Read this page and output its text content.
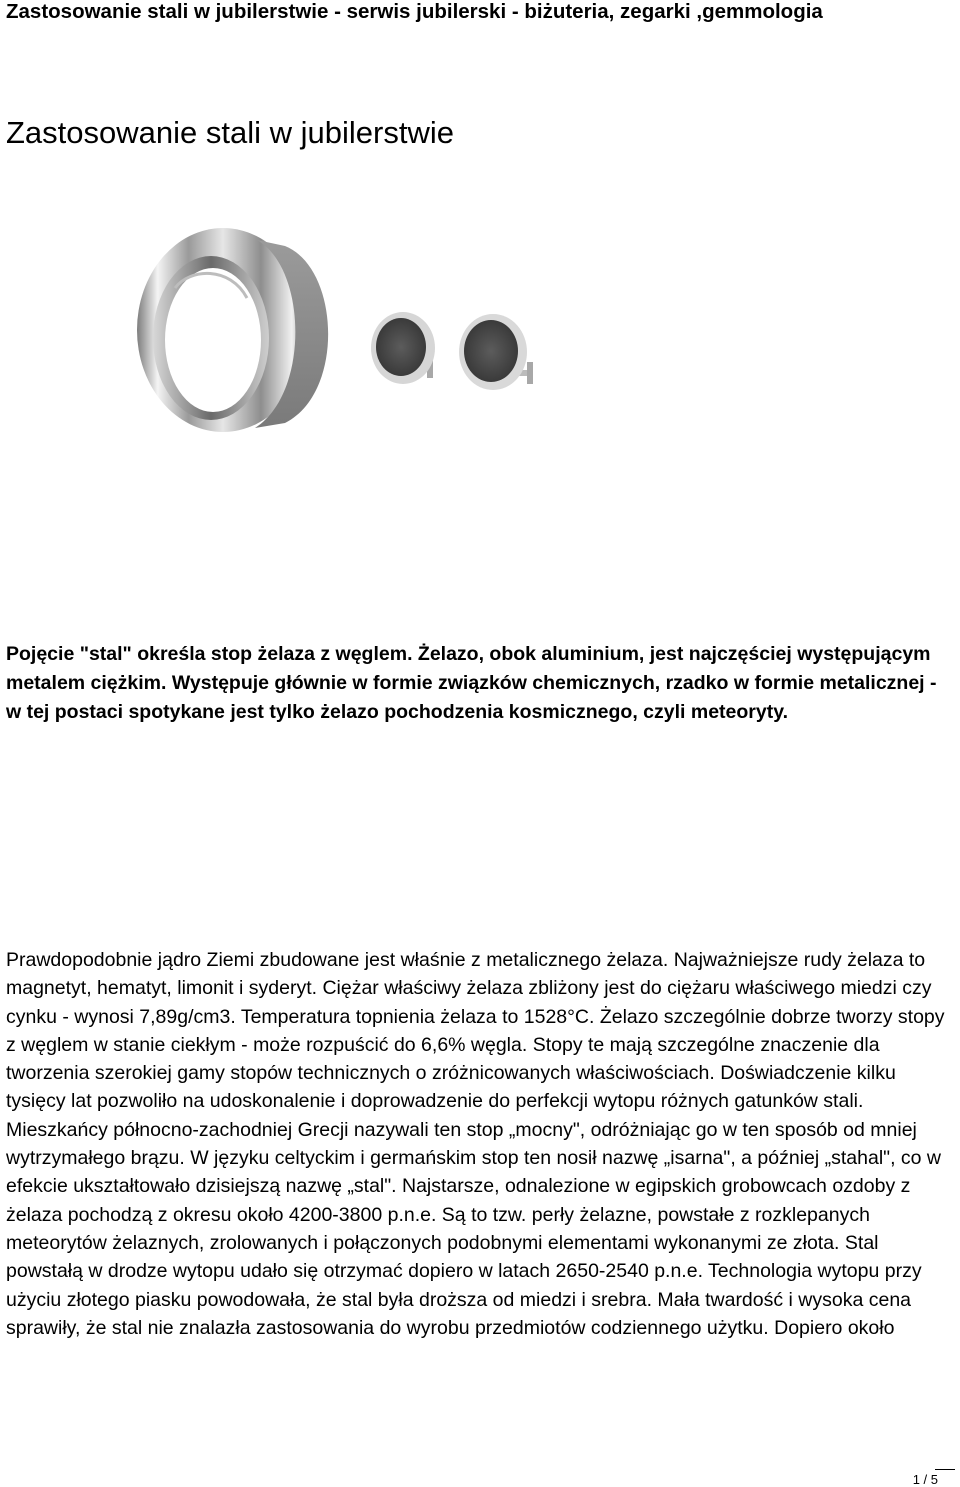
Zastosowanie stali w jubilerstwie - serwis jubilerski - biżuteria, zegarki ,gemmologia
Zastosowanie stali w jubilerstwie

Pojęcie "stal" określa stop żelaza z węglem. Żelazo, obok aluminium, jest najczęściej występującym metalem ciężkim. Występuje głównie w formie związków chemicznych, rzadko w formie metalicznej - w tej postaci spotykane jest tylko żelazo pochodzenia kosmicznego, czyli meteoryty.

Prawdopodobnie jądro Ziemi zbudowane jest właśnie z metalicznego żelaza. Najważniejsze rudy żelaza to magnetyt, hematyt, limonit i syderyt. Ciężar właściwy żelaza zbliżony jest do ciężaru właściwego miedzi czy cynku - wynosi 7,89g/cm3. Temperatura topnienia żelaza to 1528°C. Żelazo szczególnie dobrze tworzy stopy z węglem w stanie ciekłym - może rozpuścić do 6,6% węgla. Stopy te mają szczególne znaczenie dla tworzenia szerokiej gamy stopów technicznych o zróżnicowanych właściwościach. Doświadczenie kilku tysięcy lat pozwoliło na udoskonalenie i doprowadzenie do perfekcji wytopu różnych gatunków stali. Mieszkańcy północno-zachodniej Grecji nazywali ten stop „mocny", odróżniając go w ten sposób od mniej wytrzymałego brązu. W języku celtyckim i germańskim stop ten nosił nazwę „isarna", a później „stahal", co w efekcie ukształtowało dzisiejszą nazwę „stal". Najstarsze, odnalezione w egipskich grobowcach ozdoby z żelaza pochodzą z okresu około 4200-3800 p.n.e. Są to tzw. perły żelazne, powstałe z rozklepanych meteorytów żelaznych, zrolowanych i połączonych podobnymi elementami wykonanymi ze złota. Stal powstałą w drodze wytopu udało się otrzymać dopiero w latach 2650-2540 p.n.e. Technologia wytopu przy użyciu złotego piasku powodowała, że stal była droższa od miedzi i srebra. Mała twardość i wysoka cena sprawiły, że stal nie znalazła zastosowania do wyrobu przedmiotów codziennego użytku. Dopiero około

1 / 5
